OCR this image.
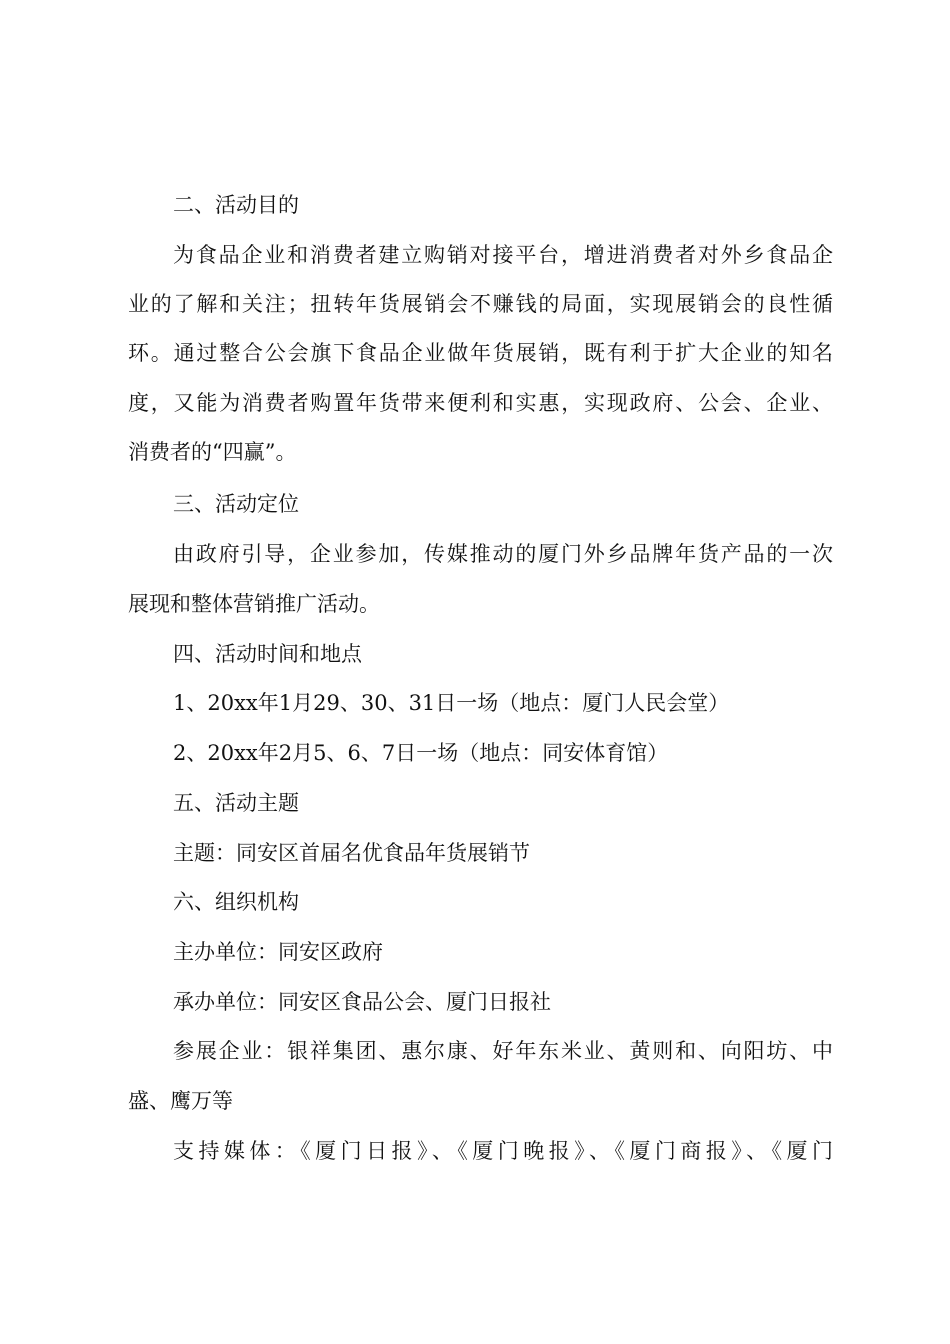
二、活动目的
为食品企业和消费者建立购销对接平台，增进消费者对外乡食品企
业的了解和关注；扭转年货展销会不赚钱的局面，实现展销会的良性循
环。通过整合公会旗下食品企业做年货展销，既有利于扩大企业的知名
度，又能为消费者购置年货带来便利和实惠，实现政府、公会、企业、
消费者的“四赢”。
三、活动定位
由政府引导，企业参加，传媒推动的厦门外乡品牌年货产品的一次
展现和整体营销推广活动。
四、活动时间和地点
1、20xx年1月29、30、31日一场（地点：厦门人民会堂）
2、20xx年2月5、6、7日一场（地点：同安体育馆）
五、活动主题
主题：同安区首届名优食品年货展销节
六、组织机构
主办单位：同安区政府
承办单位：同安区食品公会、厦门日报社
参展企业：银祥集团、惠尔康、好年东米业、黄则和、向阳坊、中
盛、鹰万等
支持媒体：《厦门日报》、《厦门晚报》、《厦门商报》、《厦门
